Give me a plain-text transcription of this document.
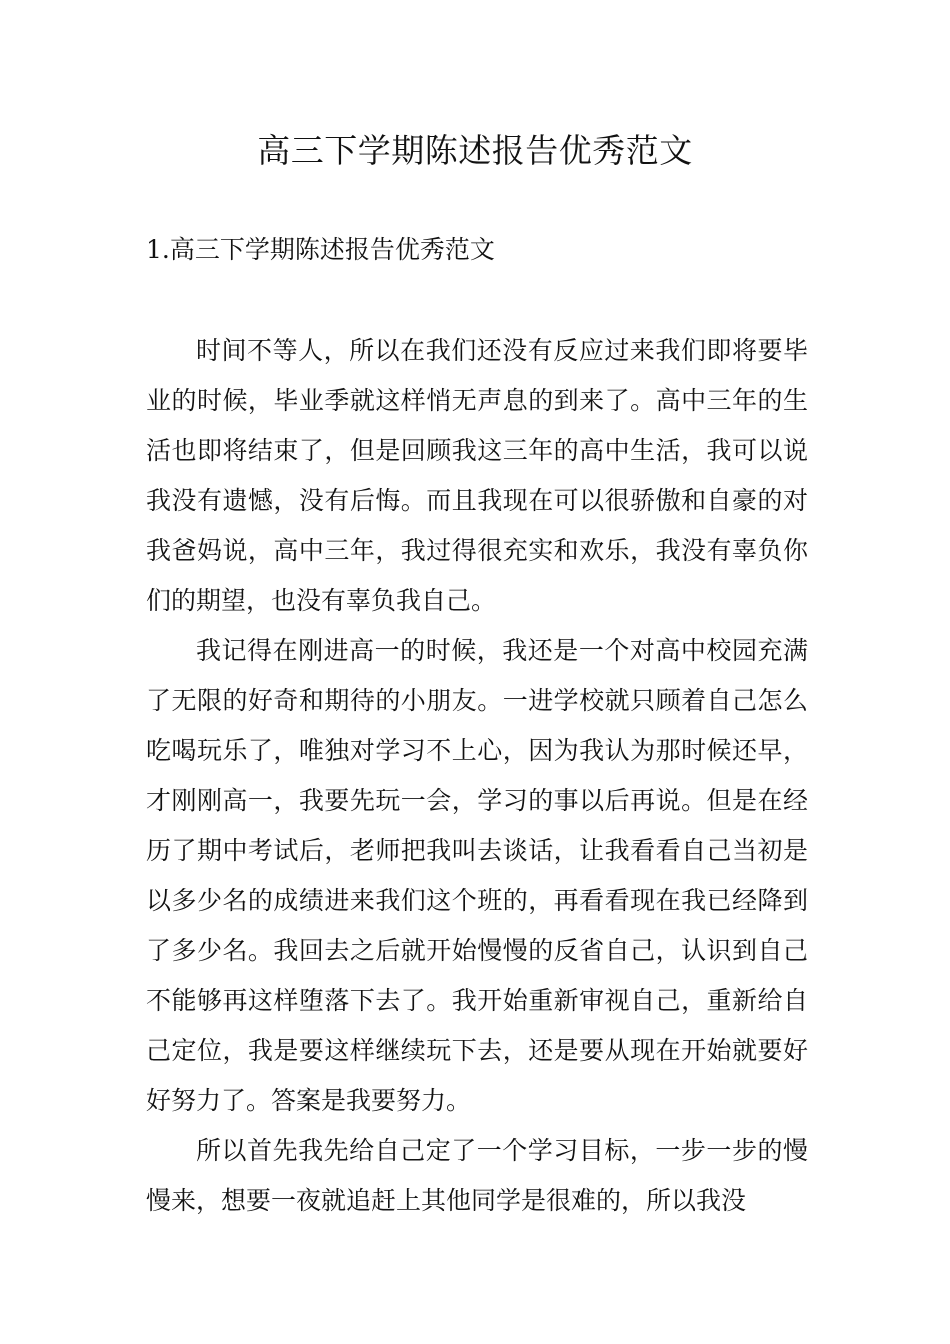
高三下学期陈述报告优秀范文
1.高三下学期陈述报告优秀范文

时间不等人，所以在我们还没有反应过来我们即将要毕业的时候，毕业季就这样悄无声息的到来了。高中三年的生活也即将结束了，但是回顾我这三年的高中生活，我可以说我没有遗憾，没有后悔。而且我现在可以很骄傲和自豪的对我爸妈说，高中三年，我过得很充实和欢乐，我没有辜负你们的期望，也没有辜负我自己。

我记得在刚进高一的时候，我还是一个对高中校园充满了无限的好奇和期待的小朋友。一进学校就只顾着自己怎么吃喝玩乐了，唯独对学习不上心，因为我认为那时候还早，才刚刚高一，我要先玩一会，学习的事以后再说。但是在经历了期中考试后，老师把我叫去谈话，让我看看自己当初是以多少名的成绩进来我们这个班的，再看看现在我已经降到了多少名。我回去之后就开始慢慢的反省自己，认识到自己不能够再这样堕落下去了。我开始重新审视自己，重新给自己定位，我是要这样继续玩下去，还是要从现在开始就要好好努力了。答案是我要努力。

所以首先我先给自己定了一个学习目标，一步一步的慢慢来，想要一夜就追赶上其他同学是很难的，所以我没
